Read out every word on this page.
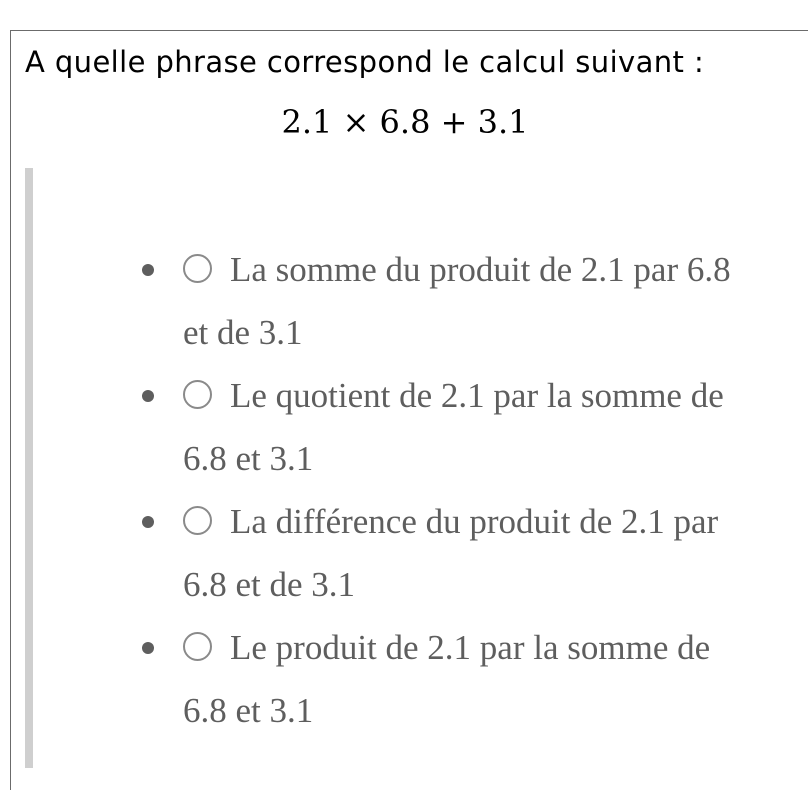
A quelle phrase correspond le calcul suivant :

2.1 × 6.8 + 3.1
La somme du produit de 2.1 par 6.8 et de 3.1
Le quotient de 2.1 par la somme de 6.8 et 3.1
La différence du produit de 2.1 par 6.8 et de 3.1
Le produit de 2.1 par la somme de 6.8 et 3.1
